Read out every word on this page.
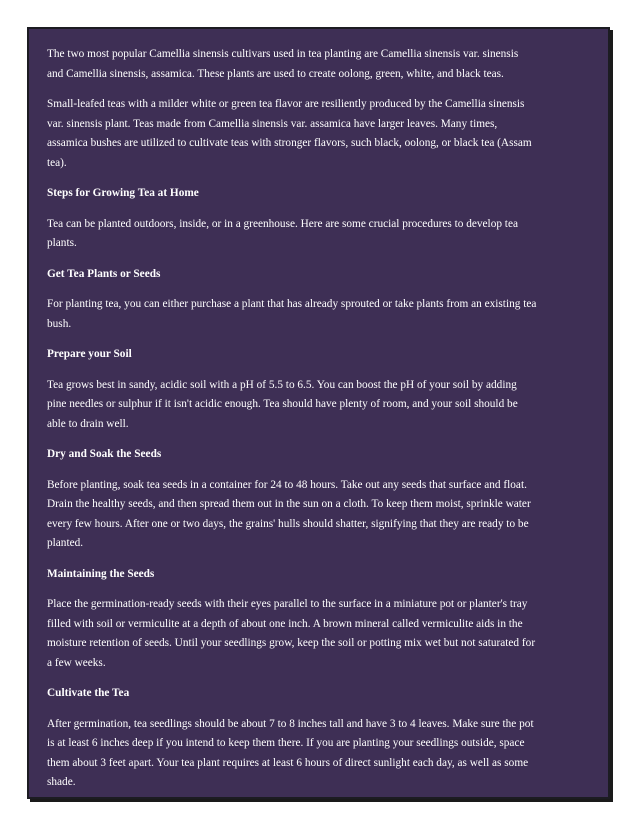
The two most popular Camellia sinensis cultivars used in tea planting are Camellia sinensis var. sinensis and Camellia sinensis, assamica. These plants are used to create oolong, green, white, and black teas.

Small-leafed teas with a milder white or green tea flavor are resiliently produced by the Camellia sinensis var. sinensis plant. Teas made from Camellia sinensis var. assamica have larger leaves. Many times, assamica bushes are utilized to cultivate teas with stronger flavors, such black, oolong, or black tea (Assam tea).

Steps for Growing Tea at Home

Tea can be planted outdoors, inside, or in a greenhouse. Here are some crucial procedures to develop tea plants.

Get Tea Plants or Seeds

For planting tea, you can either purchase a plant that has already sprouted or take plants from an existing tea bush.

Prepare your Soil

Tea grows best in sandy, acidic soil with a pH of 5.5 to 6.5. You can boost the pH of your soil by adding pine needles or sulphur if it isn't acidic enough. Tea should have plenty of room, and your soil should be able to drain well.

Dry and Soak the Seeds

Before planting, soak tea seeds in a container for 24 to 48 hours. Take out any seeds that surface and float. Drain the healthy seeds, and then spread them out in the sun on a cloth. To keep them moist, sprinkle water every few hours. After one or two days, the grains' hulls should shatter, signifying that they are ready to be planted.

Maintaining the Seeds

Place the germination-ready seeds with their eyes parallel to the surface in a miniature pot or planter's tray filled with soil or vermiculite at a depth of about one inch. A brown mineral called vermiculite aids in the moisture retention of seeds. Until your seedlings grow, keep the soil or potting mix wet but not saturated for a few weeks.

Cultivate the Tea

After germination, tea seedlings should be about 7 to 8 inches tall and have 3 to 4 leaves. Make sure the pot is at least 6 inches deep if you intend to keep them there. If you are planting your seedlings outside, space them about 3 feet apart. Your tea plant requires at least 6 hours of direct sunlight each day, as well as some shade.
